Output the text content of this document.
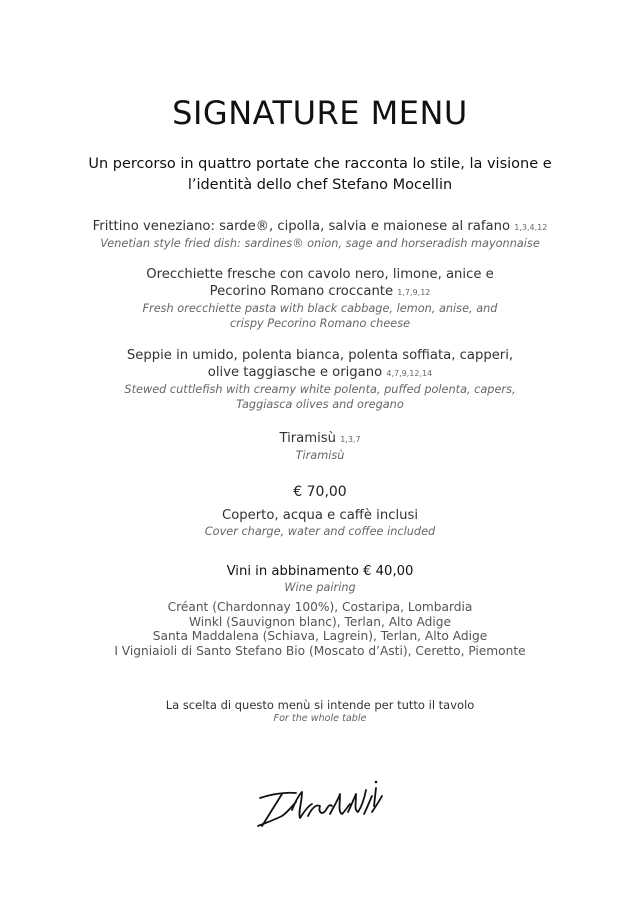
SIGNATURE MENU
Un percorso in quattro portate che racconta lo stile, la visione e
l’identità dello chef Stefano Mocellin
Frittino veneziano: sarde®, cipolla, salvia e maionese al rafano 1,3,4,12
Venetian style fried dish: sardines® onion, sage and horseradish mayonnaise
Orecchiette fresche con cavolo nero, limone, anice e
Pecorino Romano croccante 1,7,9,12
Fresh orecchiette pasta with black cabbage, lemon, anise, and
crispy Pecorino Romano cheese
Seppie in umido, polenta bianca, polenta soffiata, capperi,
olive taggiasche e origano 4,7,9,12,14
Stewed cuttlefish with creamy white polenta, puffed polenta, capers,
Taggiasca olives and oregano
Tiramisù 1,3,7
Tiramisù
€ 70,00
Coperto, acqua e caffè inclusi
Cover charge, water and coffee included
Vini in abbinamento € 40,00
Wine pairing
Créant (Chardonnay 100%), Costaripa, Lombardia
Winkl (Sauvignon blanc), Terlan, Alto Adige
Santa Maddalena (Schiava, Lagrein), Terlan, Alto Adige
I Vigniaioli di Santo Stefano Bio (Moscato d’Asti), Ceretto, Piemonte
La scelta di questo menù si intende per tutto il tavolo
For the whole table
